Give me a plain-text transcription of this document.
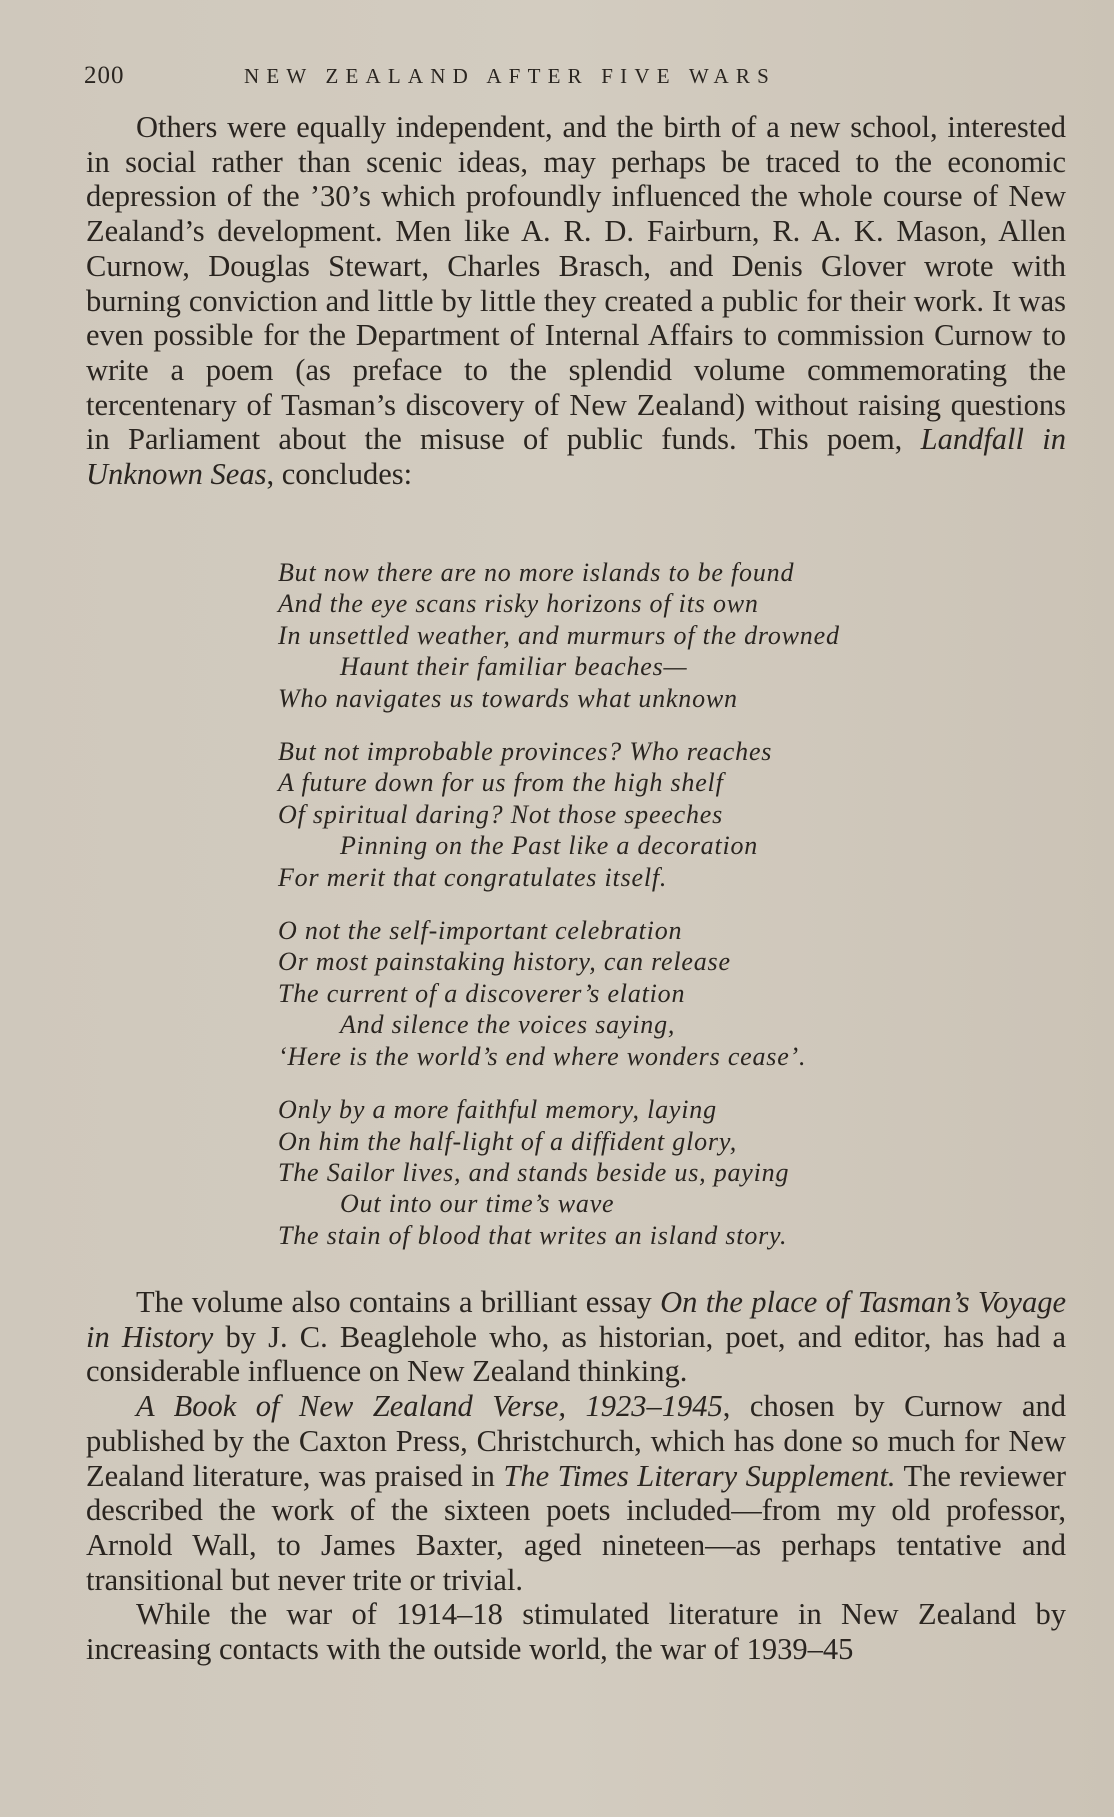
200	NEW ZEALAND AFTER FIVE WARS

Others were equally independent, and the birth of a new school, interested in social rather than scenic ideas, may perhaps be traced to the economic depression of the ’30’s which profoundly influenced the whole course of New Zealand’s development. Men like A. R. D. Fairburn, R. A. K. Mason, Allen Curnow, Douglas Stewart, Charles Brasch, and Denis Glover wrote with burning conviction and little by little they created a public for their work. It was even possible for the Department of Internal Affairs to commission Curnow to write a poem (as preface to the splendid volume commemorating the tercentenary of Tasman’s discovery of New Zealand) without raising questions in Parliament about the misuse of public funds. This poem, Landfall in Unknown Seas, concludes:

But now there are no more islands to be found
And the eye scans risky horizons of its own
In unsettled weather, and murmurs of the drowned
Haunt their familiar beaches—
Who navigates us towards what unknown
But not improbable provinces? Who reaches
A future down for us from the high shelf
Of spiritual daring? Not those speeches
Pinning on the Past like a decoration
For merit that congratulates itself.
O not the self-important celebration
Or most painstaking history, can release
The current of a discoverer’s elation
And silence the voices saying,
‘Here is the world’s end where wonders cease’.
Only by a more faithful memory, laying
On him the half-light of a diffident glory,
The Sailor lives, and stands beside us, paying
Out into our time’s wave
The stain of blood that writes an island story.

The volume also contains a brilliant essay On the place of Tasman’s Voyage in History by J. C. Beaglehole who, as historian, poet, and editor, has had a considerable influence on New Zealand thinking.

A Book of New Zealand Verse, 1923–1945, chosen by Curnow and published by the Caxton Press, Christchurch, which has done so much for New Zealand literature, was praised in The Times Literary Supplement. The reviewer described the work of the sixteen poets included—from my old professor, Arnold Wall, to James Baxter, aged nineteen—as perhaps tentative and transitional but never trite or trivial.

While the war of 1914–18 stimulated literature in New Zealand by increasing contacts with the outside world, the war of 1939–45
